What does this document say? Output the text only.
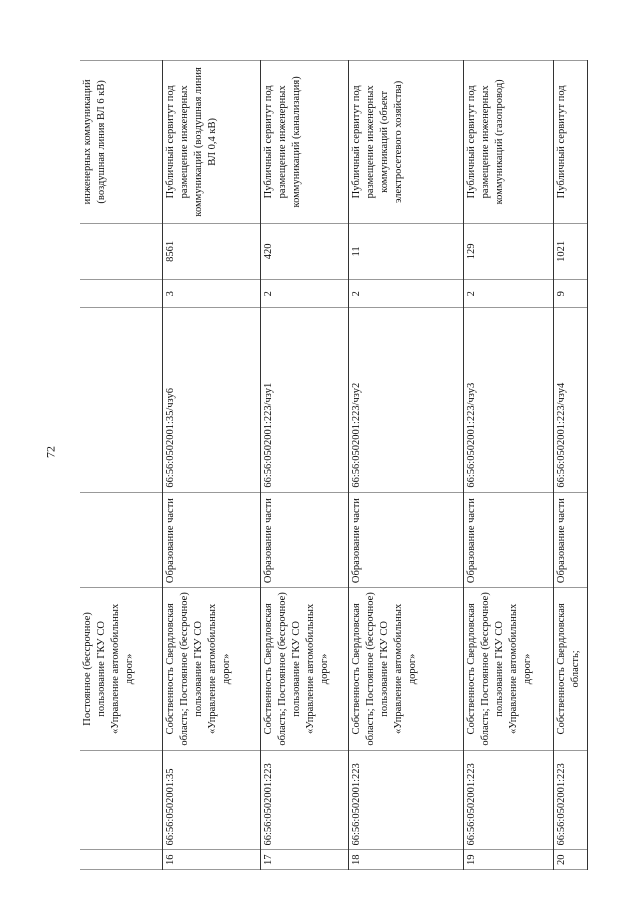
72
		Постоянное (бессрочное) пользование ГКУ СО «Управление автомобильных дорог»					инженерных коммуникаций (воздушная линия ВЛ 6 кВ)
16	66:56:0502001:35	Собственность Свердловская область; Постоянное (бессрочное) пользование ГКУ СО «Управление автомобильных дорог»	Образование части	66:56:0502001:35/чзу6	3	8561	Публичный сервитут под размещение инженерных коммуникаций (воздушная линия ВЛ 0,4 кВ)
17	66:56:0502001:223	Собственность Свердловская область; Постоянное (бессрочное) пользование ГКУ СО «Управление автомобильных дорог»	Образование части	66:56:0502001:223/чзу1	2	420	Публичный сервитут под размещение инженерных коммуникаций (канализация)
18	66:56:0502001:223	Собственность Свердловская область; Постоянное (бессрочное) пользование ГКУ СО «Управление автомобильных дорог»	Образование части	66:56:0502001:223/чзу2	2	11	Публичный сервитут под размещение инженерных коммуникаций (объект электросетевого хозяйства)
19	66:56:0502001:223	Собственность Свердловская область; Постоянное (бессрочное) пользование ГКУ СО «Управление автомобильных дорог»	Образование части	66:56:0502001:223/чзу3	2	129	Публичный сервитут под размещение инженерных коммуникаций (газопровод)
20	66:56:0502001:223	Собственность Свердловская область;	Образование части	66:56:0502001:223/чзу4	9	1021	Публичный сервитут под
